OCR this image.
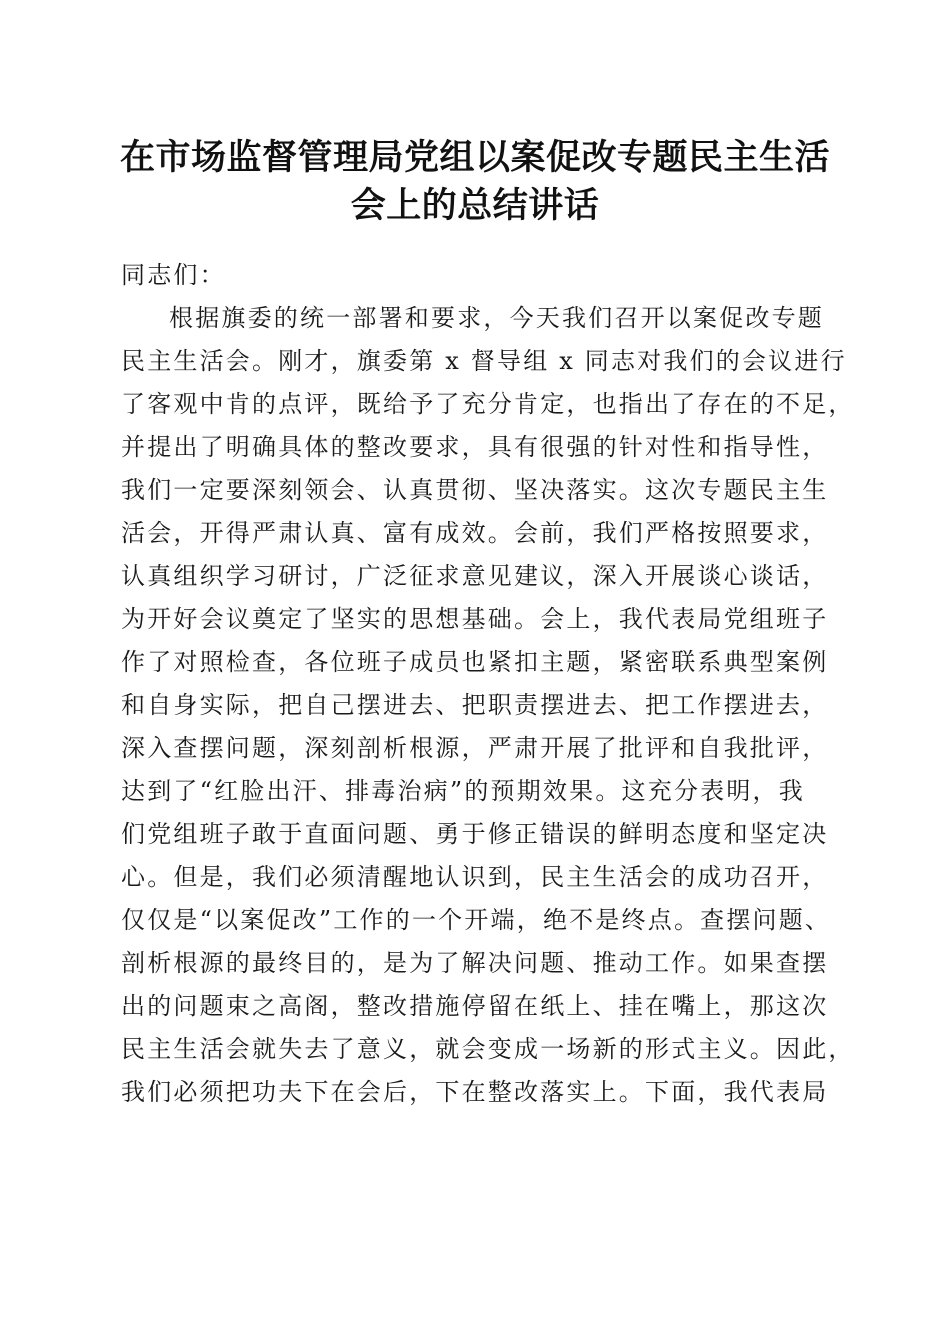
在市场监督管理局党组以案促改专题民主生活
会上的总结讲话
同志们：
根据旗委的统一部署和要求，今天我们召开以案促改专题
民主生活会。刚才，旗委第 x 督导组 x 同志对我们的会议进行
了客观中肯的点评，既给予了充分肯定，也指出了存在的不足，
并提出了明确具体的整改要求，具有很强的针对性和指导性，
我们一定要深刻领会、认真贯彻、坚决落实。这次专题民主生
活会，开得严肃认真、富有成效。会前，我们严格按照要求，
认真组织学习研讨，广泛征求意见建议，深入开展谈心谈话，
为开好会议奠定了坚实的思想基础。会上，我代表局党组班子
作了对照检查，各位班子成员也紧扣主题，紧密联系典型案例
和自身实际，把自己摆进去、把职责摆进去、把工作摆进去，
深入查摆问题，深刻剖析根源，严肃开展了批评和自我批评，
达到了“红脸出汗、排毒治病”的预期效果。这充分表明，我
们党组班子敢于直面问题、勇于修正错误的鲜明态度和坚定决
心。但是，我们必须清醒地认识到，民主生活会的成功召开，
仅仅是“以案促改”工作的一个开端，绝不是终点。查摆问题、
剖析根源的最终目的，是为了解决问题、推动工作。如果查摆
出的问题束之高阁，整改措施停留在纸上、挂在嘴上，那这次
民主生活会就失去了意义，就会变成一场新的形式主义。因此，
我们必须把功夫下在会后，下在整改落实上。下面，我代表局
